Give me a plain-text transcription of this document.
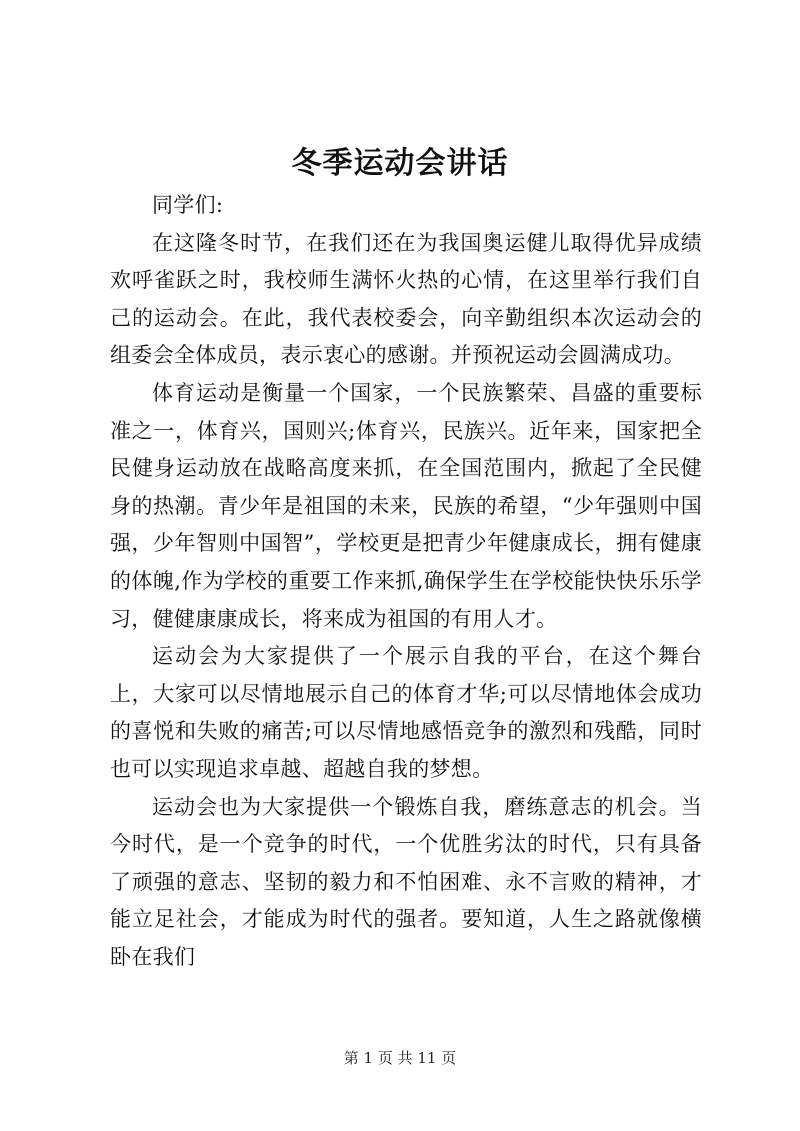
冬季运动会讲话

同学们:

在这隆冬时节，在我们还在为我国奥运健儿取得优异成绩欢呼雀跃之时，我校师生满怀火热的心情，在这里举行我们自己的运动会。在此，我代表校委会，向辛勤组织本次运动会的组委会全体成员，表示衷心的感谢。并预祝运动会圆满成功。

体育运动是衡量一个国家，一个民族繁荣、昌盛的重要标准之一，体育兴，国则兴;体育兴，民族兴。近年来，国家把全民健身运动放在战略高度来抓，在全国范围内，掀起了全民健身的热潮。青少年是祖国的未来，民族的希望，“少年强则中国强，少年智则中国智”，学校更是把青少年健康成长，拥有健康的体魄,作为学校的重要工作来抓,确保学生在学校能快快乐乐学习，健健康康成长，将来成为祖国的有用人才。

运动会为大家提供了一个展示自我的平台，在这个舞台上，大家可以尽情地展示自己的体育才华;可以尽情地体会成功的喜悦和失败的痛苦;可以尽情地感悟竞争的激烈和残酷，同时也可以实现追求卓越、超越自我的梦想。

运动会也为大家提供一个锻炼自我，磨练意志的机会。当今时代，是一个竞争的时代，一个优胜劣汰的时代，只有具备了顽强的意志、坚韧的毅力和不怕困难、永不言败的精神，才能立足社会，才能成为时代的强者。要知道，人生之路就像横卧在我们

第 1 页 共 11 页
